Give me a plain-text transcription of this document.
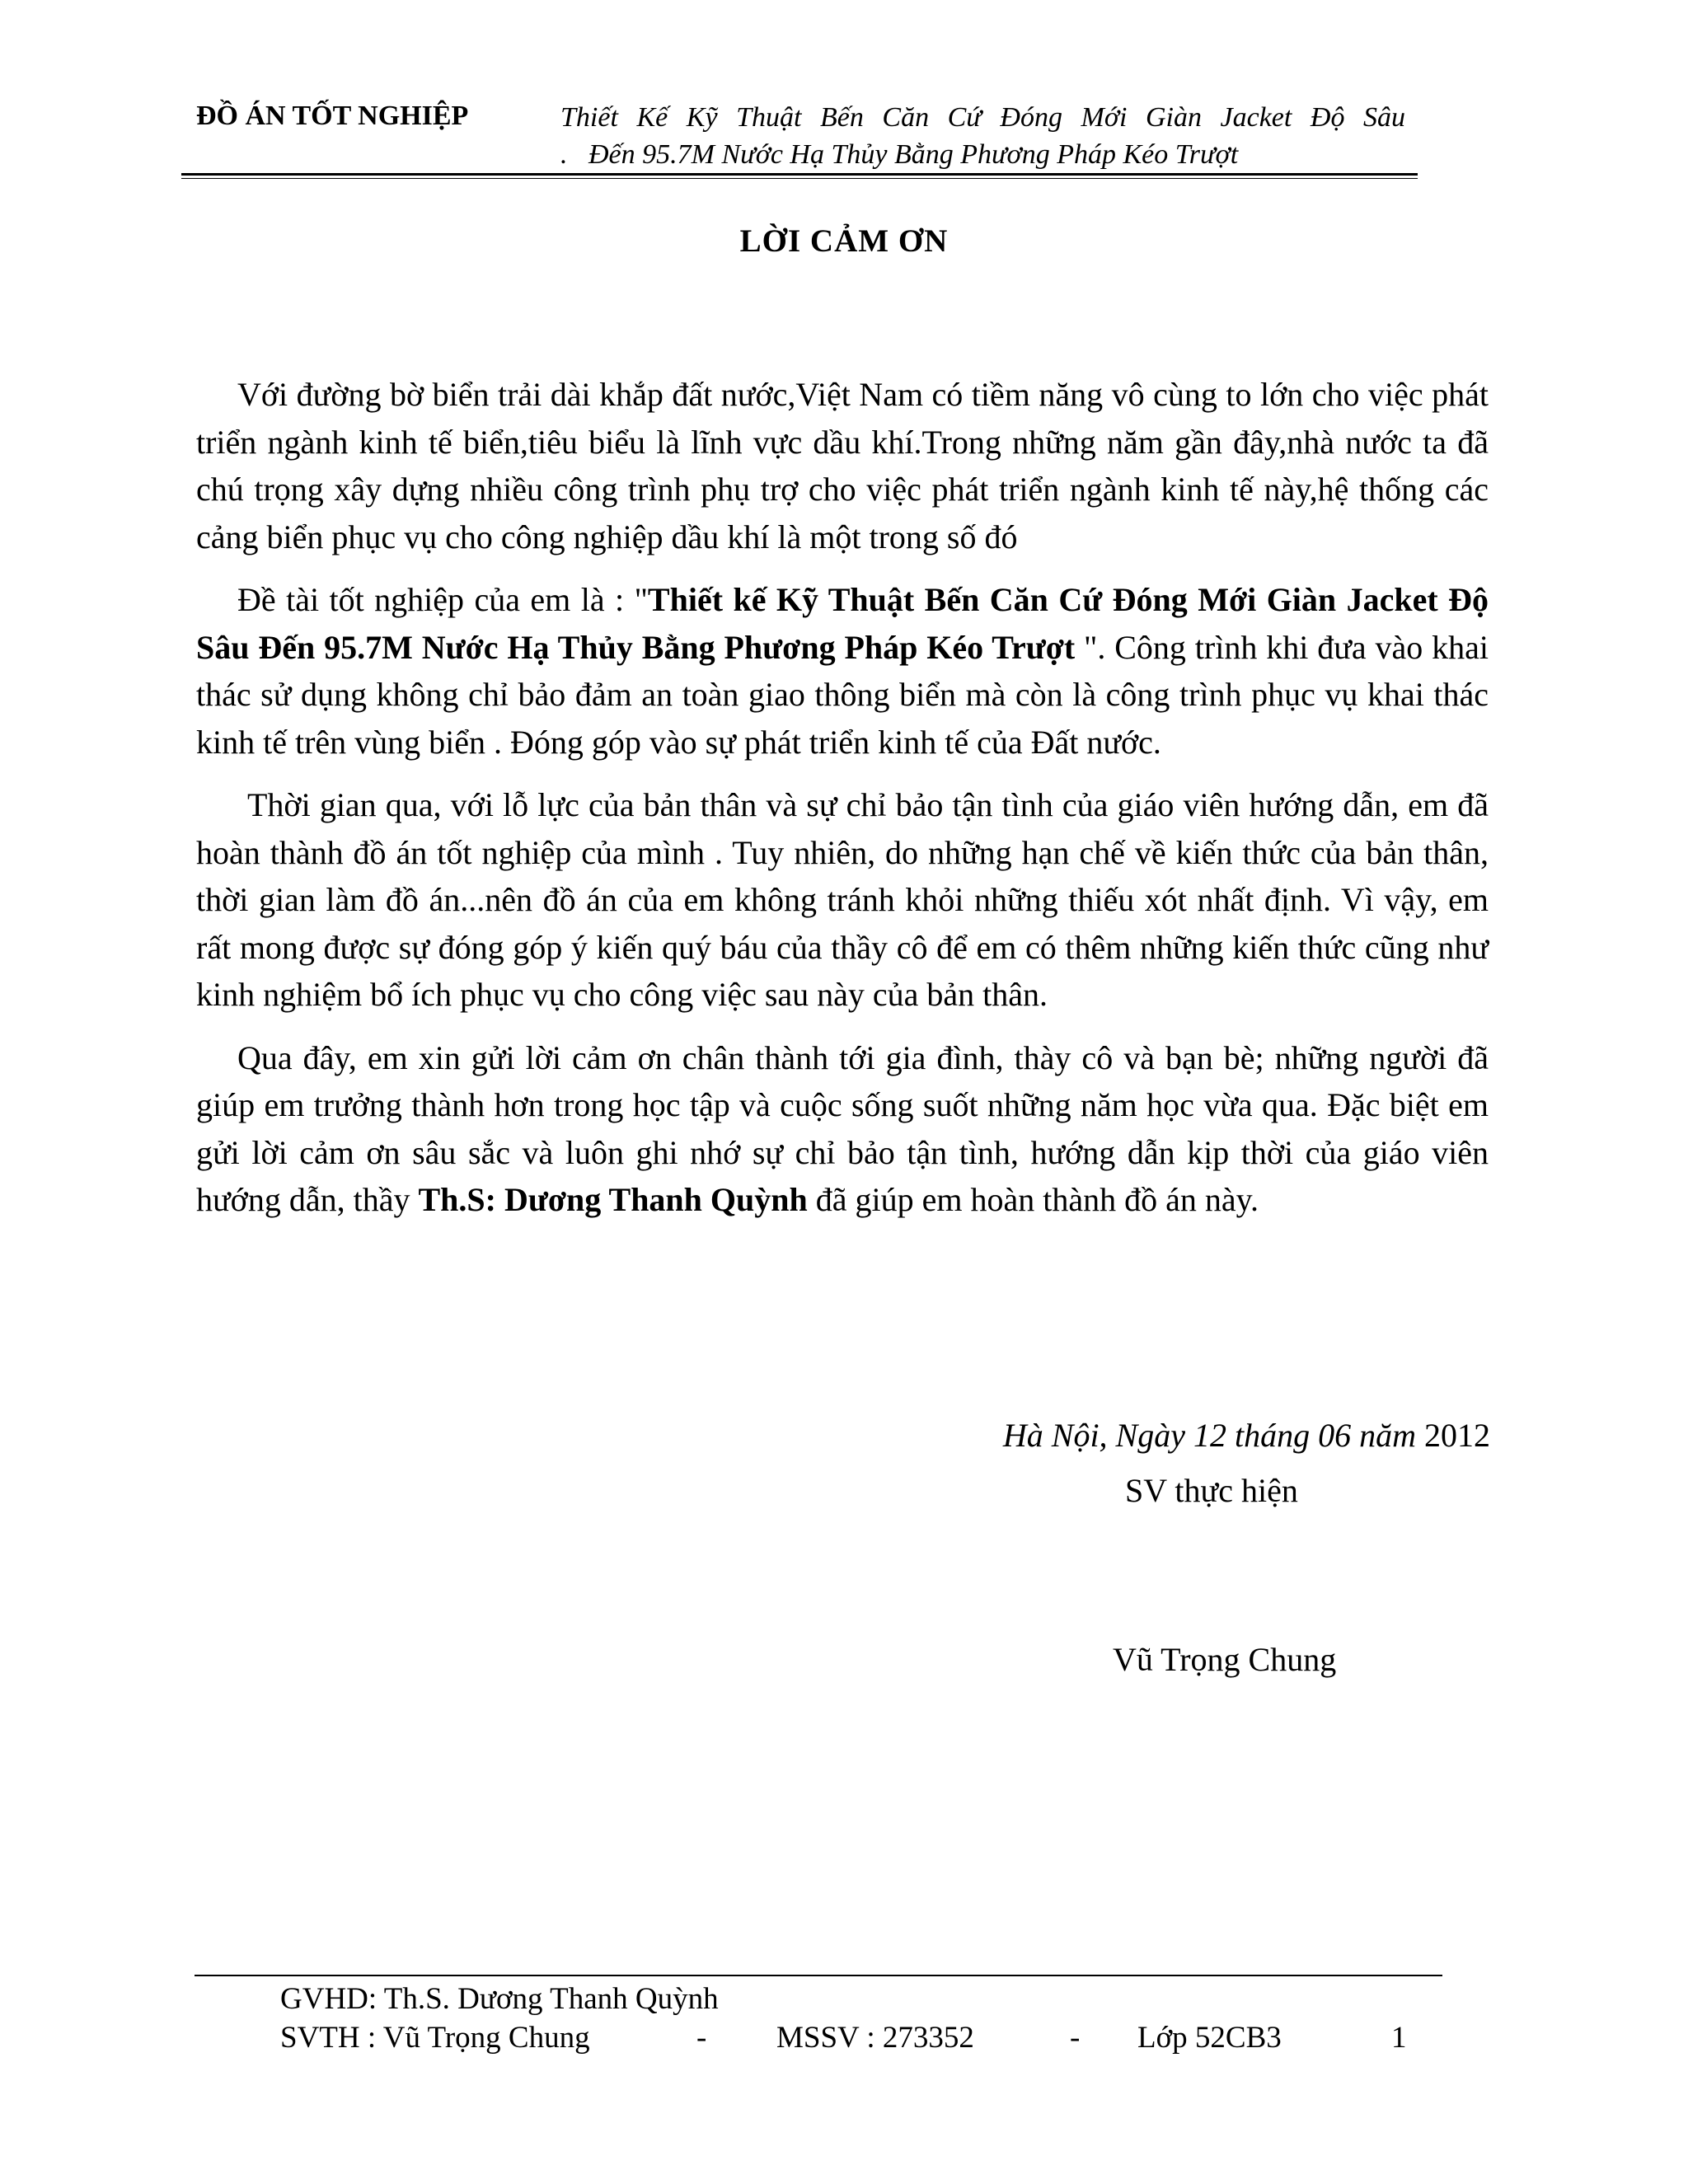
ĐỒ ÁN TỐT NGHIỆP	Thiết Kế Kỹ Thuật Bến Căn Cứ Đóng Mới Giàn Jacket Độ Sâu
. Đến 95.7M Nước Hạ Thủy Bằng Phương Pháp Kéo Trượt
LỜI CẢM ƠN

Với đường bờ biển trải dài khắp đất nước,Việt Nam có tiềm năng vô cùng to lớn cho việc phát triển ngành kinh tế biển,tiêu biểu là lĩnh vực dầu khí.Trong những năm gần đây,nhà nước ta đã chú trọng xây dựng nhiều công trình phụ trợ cho việc phát triển ngành kinh tế này,hệ thống các cảng biển phục vụ cho công nghiệp dầu khí là một trong số đó

Đề tài tốt nghiệp của em là : "Thiết kế Kỹ Thuật Bến Căn Cứ Đóng Mới Giàn Jacket Độ Sâu Đến 95.7M Nước Hạ Thủy Bằng Phương Pháp Kéo Trượt ". Công trình khi đưa vào khai thác sử dụng không chỉ bảo đảm an toàn giao thông biển mà còn là công trình phục vụ khai thác kinh tế trên vùng biển . Đóng góp vào sự phát triển kinh tế của Đất nước.

Thời gian qua, với lỗ lực của bản thân và sự chỉ bảo tận tình của giáo viên hướng dẫn, em đã hoàn thành đồ án tốt nghiệp của mình . Tuy nhiên, do những hạn chế về kiến thức của bản thân, thời gian làm đồ án...nên đồ án của em không tránh khỏi những thiếu xót nhất định. Vì vậy, em rất mong được sự đóng góp ý kiến quý báu của thầy cô để em có thêm những kiến thức cũng như kinh nghiệm bổ ích phục vụ cho công việc sau này của bản thân.

Qua đây, em xin gửi lời cảm ơn chân thành tới gia đình, thày cô và bạn bè; những người đã giúp em trưởng thành hơn trong học tập và cuộc sống suốt những năm học vừa qua. Đặc biệt em gửi lời cảm ơn sâu sắc và luôn ghi nhớ sự chỉ bảo tận tình, hướng dẫn kịp thời của giáo viên hướng dẫn, thầy Th.S: Dương Thanh Quỳnh đã giúp em hoàn thành đồ án này.

Hà Nội, Ngày 12 tháng 06 năm 2012
SV thực hiện
Vũ Trọng Chung
GVHD: Th.S. Dương Thanh Quỳnh
SVTH : Vũ Trọng Chung	- MSSV : 273352	- Lớp 52CB3	1
